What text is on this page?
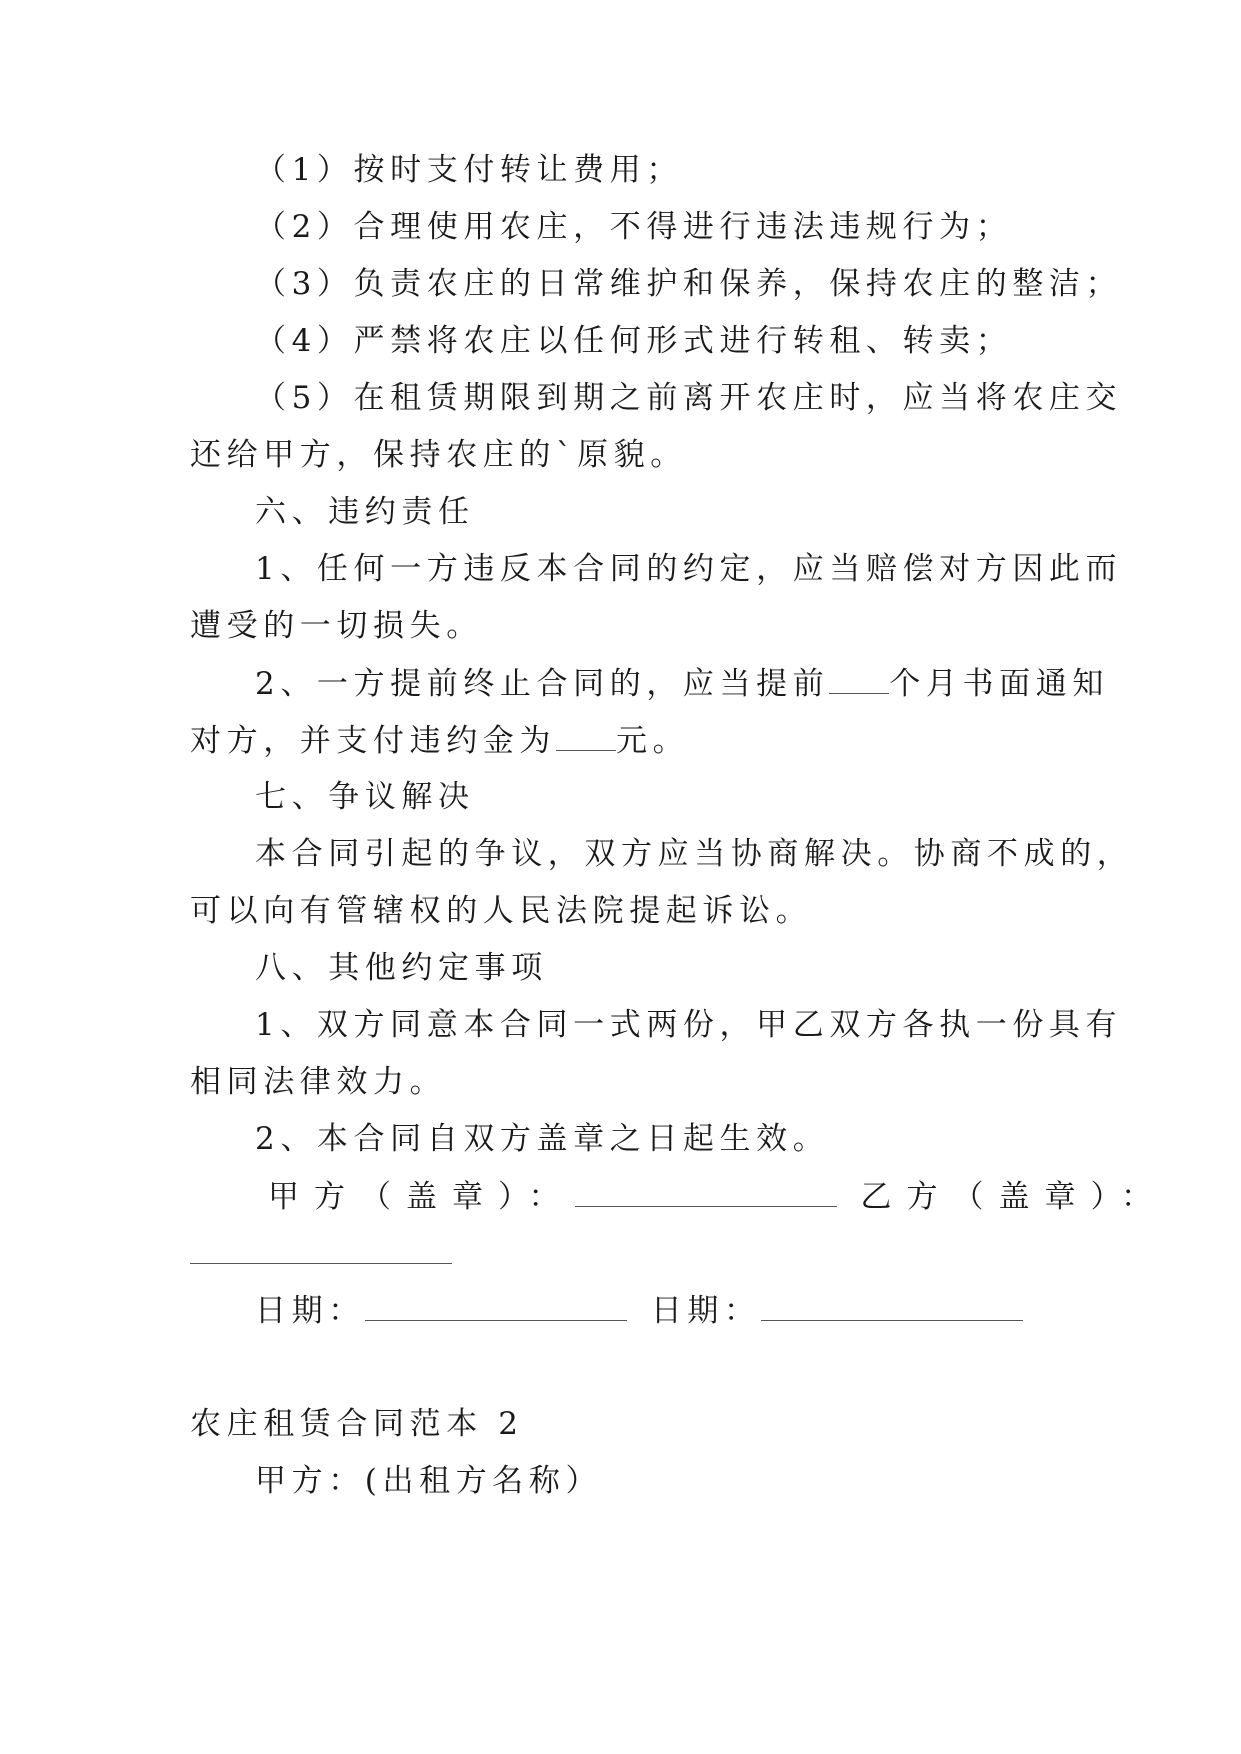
（1）按时支付转让费用；
（2）合理使用农庄，不得进行违法违规行为；
（3）负责农庄的日常维护和保养，保持农庄的整洁；
（4）严禁将农庄以任何形式进行转租、转卖；
（5）在租赁期限到期之前离开农庄时，应当将农庄交
还给甲方，保持农庄的`原貌。
六、违约责任
1、任何一方违反本合同的约定，应当赔偿对方因此而
遭受的一切损失。
2、一方提前终止合同的，应当提前 个月书面通知
对方，并支付违约金为 元。
七、争议解决
本合同引起的争议，双方应当协商解决。协商不成的，
可以向有管辖权的人民法院提起诉讼。
八、其他约定事项
1、双方同意本合同一式两份，甲乙双方各执一份具有
相同法律效力。
2、本合同自双方盖章之日起生效。
甲方（盖章）：	乙方（盖章）：
日期：	日期：
农庄租赁合同范本 2
甲方：(出租方名称）
